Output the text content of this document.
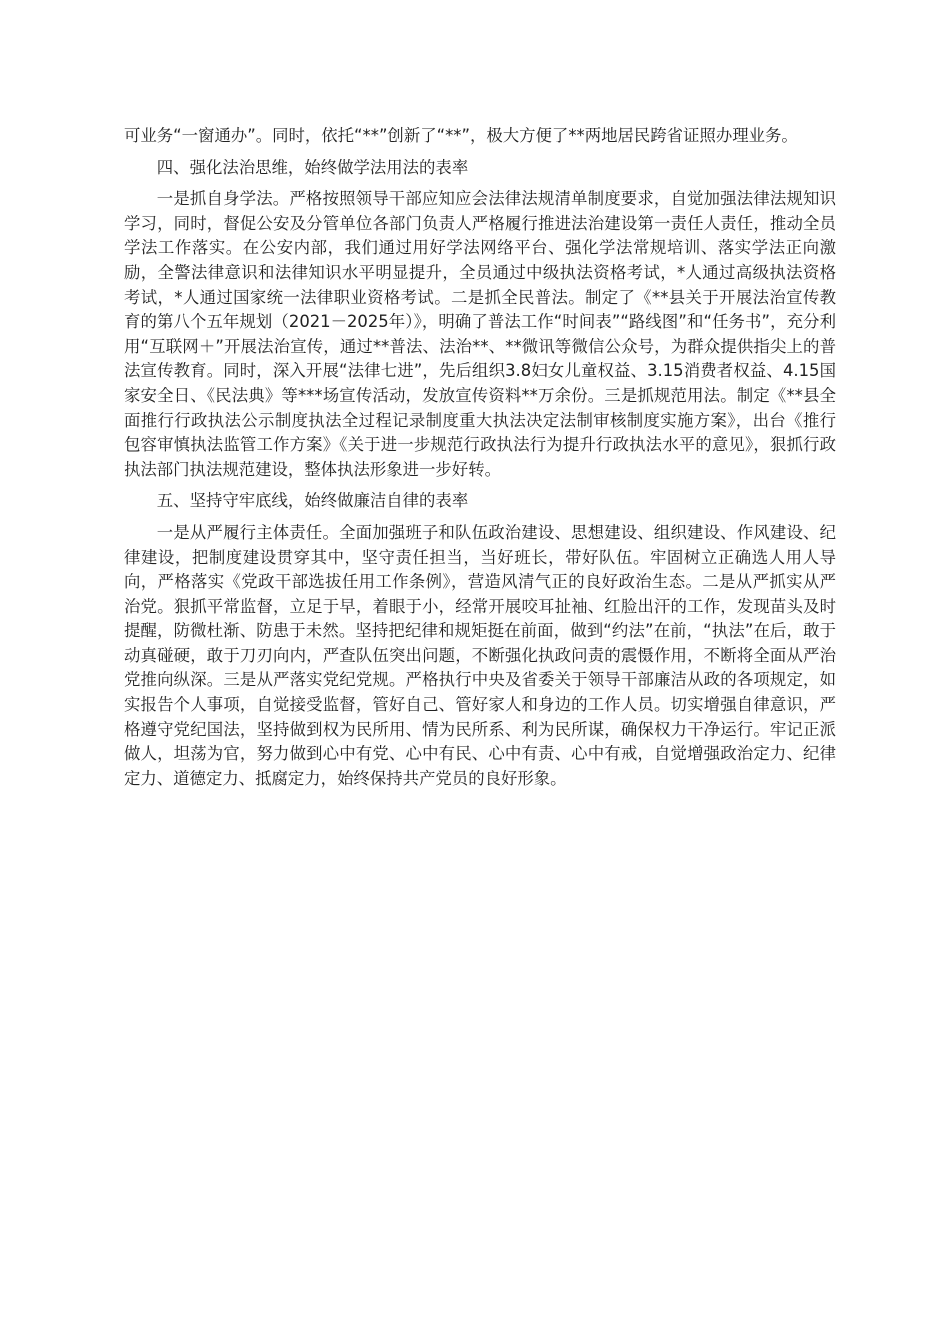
可业务“一窗通办”。同时，依托“**”创新了“**”，极大方便了**两地居民跨省证照办理业务。

四、强化法治思维，始终做学法用法的表率

一是抓自身学法。严格按照领导干部应知应会法律法规清单制度要求，自觉加强法律法规知识学习，同时，督促公安及分管单位各部门负责人严格履行推进法治建设第一责任人责任，推动全员学法工作落实。在公安内部，我们通过用好学法网络平台、强化学法常规培训、落实学法正向激励，全警法律意识和法律知识水平明显提升，全员通过中级执法资格考试，*人通过高级执法资格考试，*人通过国家统一法律职业资格考试。二是抓全民普法。制定了《**县关于开展法治宣传教育的第八个五年规划（2021－2025年）》，明确了普法工作“时间表”“路线图”和“任务书”，充分利用“互联网＋”开展法治宣传，通过**普法、法治**、**微讯等微信公众号，为群众提供指尖上的普法宣传教育。同时，深入开展“法律七进”，先后组织3.8妇女儿童权益、3.15消费者权益、4.15国家安全日、《民法典》等***场宣传活动，发放宣传资料**万余份。三是抓规范用法。制定《**县全面推行行政执法公示制度执法全过程记录制度重大执法决定法制审核制度实施方案》，出台《推行包容审慎执法监管工作方案》《关于进一步规范行政执法行为提升行政执法水平的意见》，狠抓行政执法部门执法规范建设，整体执法形象进一步好转。

五、坚持守牢底线，始终做廉洁自律的表率

一是从严履行主体责任。全面加强班子和队伍政治建设、思想建设、组织建设、作风建设、纪律建设，把制度建设贯穿其中，坚守责任担当，当好班长，带好队伍。牢固树立正确选人用人导向，严格落实《党政干部选拔任用工作条例》，营造风清气正的良好政治生态。二是从严抓实从严治党。狠抓平常监督，立足于早，着眼于小，经常开展咬耳扯袖、红脸出汗的工作，发现苗头及时提醒，防微杜渐、防患于未然。坚持把纪律和规矩挺在前面，做到“约法”在前，“执法”在后，敢于动真碰硬，敢于刀刃向内，严查队伍突出问题，不断强化执政问责的震慑作用，不断将全面从严治党推向纵深。三是从严落实党纪党规。严格执行中央及省委关于领导干部廉洁从政的各项规定，如实报告个人事项，自觉接受监督，管好自己、管好家人和身边的工作人员。切实增强自律意识，严格遵守党纪国法，坚持做到权为民所用、情为民所系、利为民所谋，确保权力干净运行。牢记正派做人，坦荡为官，努力做到心中有党、心中有民、心中有责、心中有戒，自觉增强政治定力、纪律定力、道德定力、抵腐定力，始终保持共产党员的良好形象。
